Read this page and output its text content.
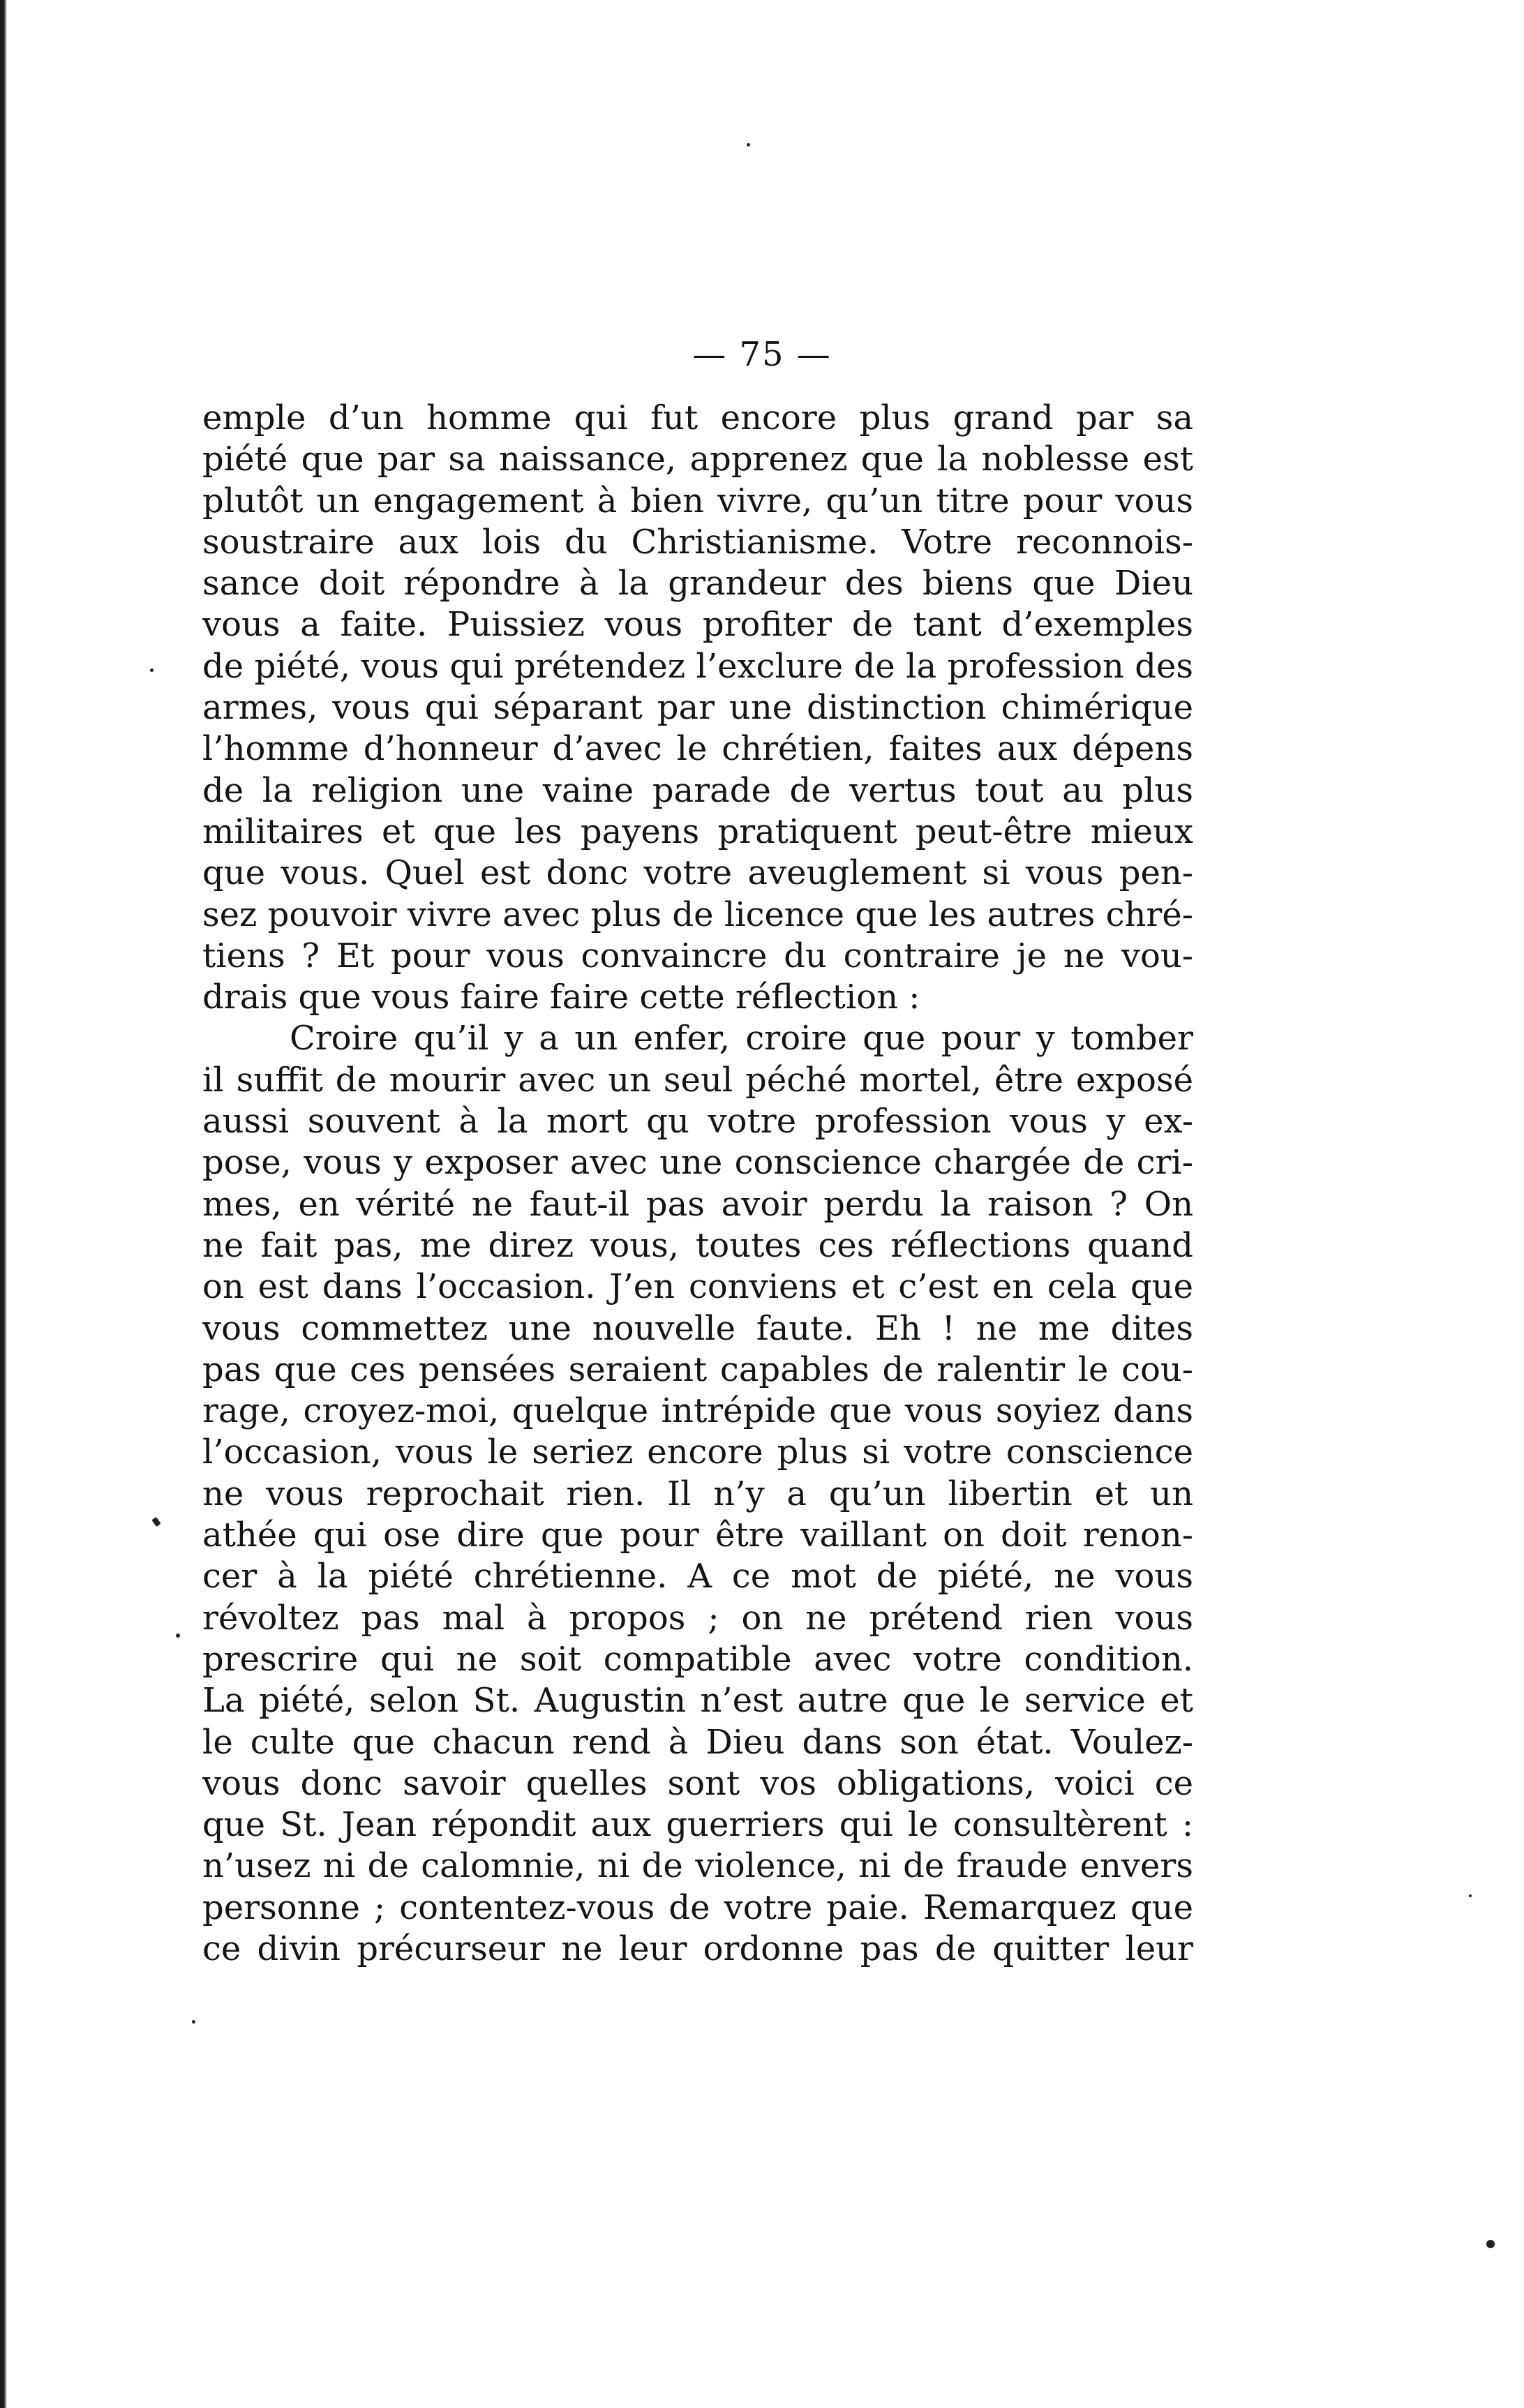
— 75 —
emple d’un homme qui fut encore plus grand par sa
piété que par sa naissance, apprenez que la noblesse est
plutôt un engagement à bien vivre, qu’un titre pour vous
soustraire aux lois du Christianisme. Votre reconnois-
sance doit répondre à la grandeur des biens que Dieu
vous a faite. Puissiez vous profiter de tant d’exemples
de piété, vous qui prétendez l’exclure de la profession des
armes, vous qui séparant par une distinction chimérique
l’homme d’honneur d’avec le chrétien, faites aux dépens
de la religion une vaine parade de vertus tout au plus
militaires et que les payens pratiquent peut-être mieux
que vous. Quel est donc votre aveuglement si vous pen-
sez pouvoir vivre avec plus de licence que les autres chré-
tiens ? Et pour vous convaincre du contraire je ne vou-
drais que vous faire faire cette réflection :
Croire qu’il y a un enfer, croire que pour y tomber
il suffit de mourir avec un seul péché mortel, être exposé
aussi souvent à la mort qu votre profession vous y ex-
pose, vous y exposer avec une conscience chargée de cri-
mes, en vérité ne faut-il pas avoir perdu la raison ? On
ne fait pas, me direz vous, toutes ces réflections quand
on est dans l’occasion. J’en conviens et c’est en cela que
vous commettez une nouvelle faute. Eh ! ne me dites
pas que ces pensées seraient capables de ralentir le cou-
rage, croyez-moi, quelque intrépide que vous soyiez dans
l’occasion, vous le seriez encore plus si votre conscience
ne vous reprochait rien. Il n’y a qu’un libertin et un
athée qui ose dire que pour être vaillant on doit renon-
cer à la piété chrétienne. A ce mot de piété, ne vous
révoltez pas mal à propos ; on ne prétend rien vous
prescrire qui ne soit compatible avec votre condition.
La piété, selon St. Augustin n’est autre que le service et
le culte que chacun rend à Dieu dans son état. Voulez-
vous donc savoir quelles sont vos obligations, voici ce
que St. Jean répondit aux guerriers qui le consultèrent :
n’usez ni de calomnie, ni de violence, ni de fraude envers
personne ; contentez-vous de votre paie. Remarquez que
ce divin précurseur ne leur ordonne pas de quitter leur
